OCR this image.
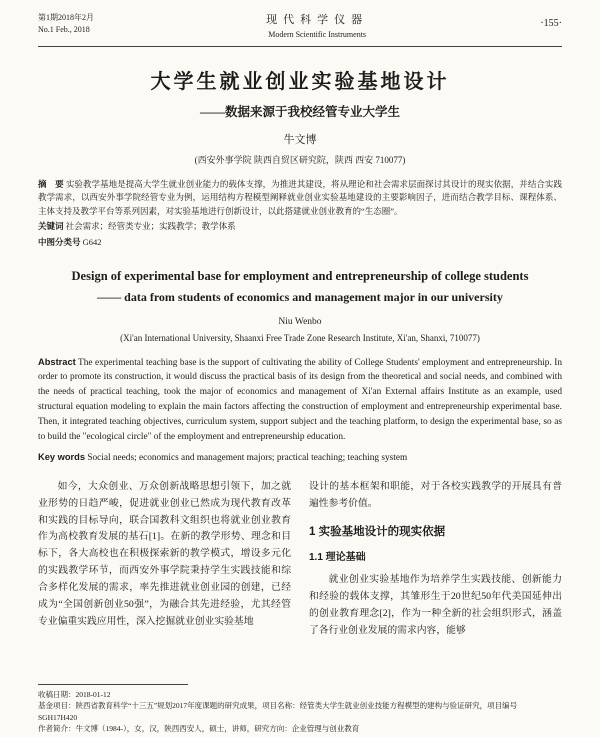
第1期2018年2月
No.1 Feb., 2018
现代科学仪器
Modern Scientific Instruments
·155·
大学生就业创业实验基地设计
——数据来源于我校经管专业大学生
牛文博
(西安外事学院 陕西自贸区研究院，陕西 西安 710077)

摘　要 实验教学基地是提高大学生就业创业能力的载体支撑，为推进其建设，将从理论和社会需求层面探讨其设计的现实依据，并结合实践教学需求，以西安外事学院经管专业为例，运用结构方程模型阐释就业创业实验基地建设的主要影响因子，进而结合教学目标、课程体系、主体支持及教学平台等系列因素，对实验基地进行创新设计，以此搭建就业创业教育的“生态圈”。

关键词 社会需求；经管类专业；实践教学；教学体系

中图分类号 G642

Design of experimental base for employment and entrepreneurship of college students
—— data from students of economics and management major in our university
Niu Wenbo
(Xi'an International University, Shaanxi Free Trade Zone Research Institute, Xi'an, Shanxi, 710077)

Abstract The experimental teaching base is the support of cultivating the ability of College Students' employment and entrepreneurship. In order to promote its construction, it would discuss the practical basis of its design from the theoretical and social needs, and combined with the needs of practical teaching, took the major of economics and management of Xi'an External affairs Institute as an example, used structural equation modeling to explain the main factors affecting the construction of employment and entrepreneurship experimental base. Then, it integrated teaching objectives, curriculum system, support subject and the teaching platform, to design the experimental base, so as to build the "ecological circle" of the employment and entrepreneurship education.

Key words Social needs; economics and management majors; practical teaching; teaching system

如今，大众创业、万众创新战略思想引领下，加之就业形势的日趋严峻，促进就业创业已然成为现代教育改革和实践的目标导向，联合国教科文组织也将就业创业教育作为高校教育发展的基石[1]。在新的教学形势、理念和目标下，各大高校也在积极探索新的教学模式，增设多元化的实践教学环节，而西安外事学院秉持学生实践技能和综合多样化发展的需求，率先推进就业创业园的创建，已经成为“全国创新创业50强”，为融合其先进经验，尤其经管专业偏重实践应用性，深入挖掘就业创业实验基地

设计的基本框架和职能，对于各校实践教学的开展具有普遍性参考价值。

1 实验基地设计的现实依据
1.1 理论基础

就业创业实验基地作为培养学生实践技能、创新能力和经验的载体支撑，其雏形生于20世纪50年代美国延伸出的创业教育理念[2]，作为一种全新的社会组织形式，涵盖了各行业创业发展的需求内容，能够

收稿日期：2018-01-12
基金项目：陕西省教育科学“十三五”规划2017年度课题的研究成果，项目名称：经管类大学生就业创业技能方程模型的建构与验证研究，项目编号
SGH17H420
作者简介：牛文博（1984-），女，汉，陕西西安人，硕士，讲师，研究方向：企业管理与创业教育
